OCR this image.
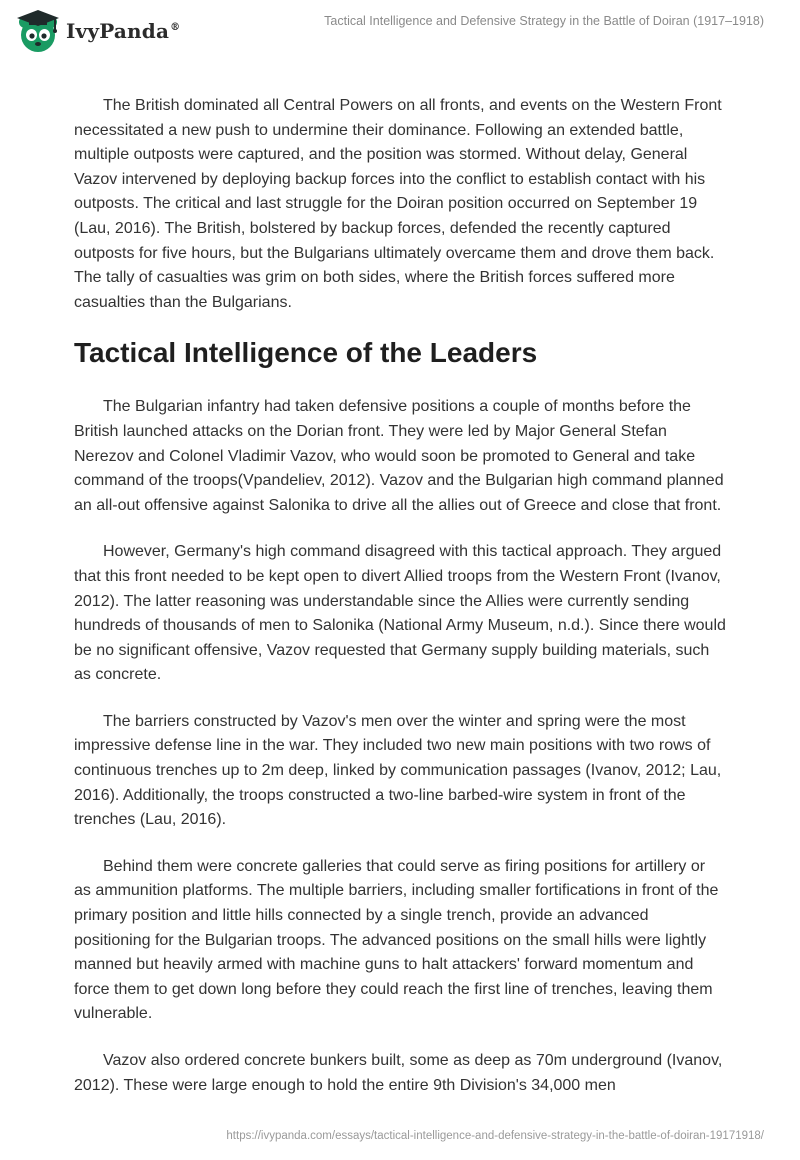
IvyPanda®	Tactical Intelligence and Defensive Strategy in the Battle of Doiran (1917–1918)

The British dominated all Central Powers on all fronts, and events on the Western Front necessitated a new push to undermine their dominance. Following an extended battle, multiple outposts were captured, and the position was stormed. Without delay, General Vazov intervened by deploying backup forces into the conflict to establish contact with his outposts. The critical and last struggle for the Doiran position occurred on September 19 (Lau, 2016). The British, bolstered by backup forces, defended the recently captured outposts for five hours, but the Bulgarians ultimately overcame them and drove them back. The tally of casualties was grim on both sides, where the British forces suffered more casualties than the Bulgarians.

Tactical Intelligence of the Leaders

The Bulgarian infantry had taken defensive positions a couple of months before the British launched attacks on the Dorian front. They were led by Major General Stefan Nerezov and Colonel Vladimir Vazov, who would soon be promoted to General and take command of the troops(Vpandeliev, 2012). Vazov and the Bulgarian high command planned an all-out offensive against Salonika to drive all the allies out of Greece and close that front.

However, Germany's high command disagreed with this tactical approach. They argued that this front needed to be kept open to divert Allied troops from the Western Front (Ivanov, 2012). The latter reasoning was understandable since the Allies were currently sending hundreds of thousands of men to Salonika (National Army Museum, n.d.). Since there would be no significant offensive, Vazov requested that Germany supply building materials, such as concrete.

The barriers constructed by Vazov's men over the winter and spring were the most impressive defense line in the war. They included two new main positions with two rows of continuous trenches up to 2m deep, linked by communication passages (Ivanov, 2012; Lau, 2016). Additionally, the troops constructed a two-line barbed-wire system in front of the trenches (Lau, 2016).

Behind them were concrete galleries that could serve as firing positions for artillery or as ammunition platforms. The multiple barriers, including smaller fortifications in front of the primary position and little hills connected by a single trench, provide an advanced positioning for the Bulgarian troops. The advanced positions on the small hills were lightly manned but heavily armed with machine guns to halt attackers' forward momentum and force them to get down long before they could reach the first line of trenches, leaving them vulnerable.

Vazov also ordered concrete bunkers built, some as deep as 70m underground (Ivanov, 2012). These were large enough to hold the entire 9th Division's 34,000 men

https://ivypanda.com/essays/tactical-intelligence-and-defensive-strategy-in-the-battle-of-doiran-19171918/
